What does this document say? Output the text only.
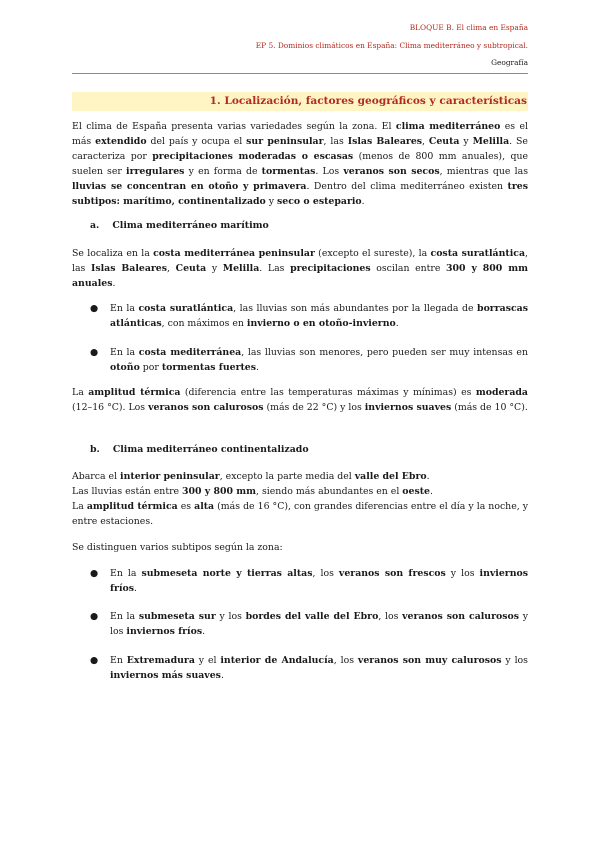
BLOQUE B. El clima en España
EP 5. Dominios climáticos en España: Clima mediterráneo y subtropical.
Geografía
1. Localización, factores geográficos y características
El clima de España presenta varias variedades según la zona. El clima mediterráneo es el más extendido del país y ocupa el sur peninsular, las Islas Baleares, Ceuta y Melilla. Se caracteriza por precipitaciones moderadas o escasas (menos de 800 mm anuales), que suelen ser irregulares y en forma de tormentas. Los veranos son secos, mientras que las lluvias se concentran en otoño y primavera. Dentro del clima mediterráneo existen tres subtipos: marítimo, continentalizado y seco o estepario.
a. Clima mediterráneo marítimo
Se localiza en la costa mediterránea peninsular (excepto el sureste), la costa suratlántica, las Islas Baleares, Ceuta y Melilla. Las precipitaciones oscilan entre 300 y 800 mm anuales.
●	En la costa suratlántica, las lluvias son más abundantes por la llegada de borrascas atlánticas, con máximos en invierno o en otoño-invierno.
●	En la costa mediterránea, las lluvias son menores, pero pueden ser muy intensas en otoño por tormentas fuertes.
La amplitud térmica (diferencia entre las temperaturas máximas y mínimas) es moderada (12–16 °C). Los veranos son calurosos (más de 22 °C) y los inviernos suaves (más de 10 °C).
b. Clima mediterráneo continentalizado
Abarca el interior peninsular, excepto la parte media del valle del Ebro.
Las lluvias están entre 300 y 800 mm, siendo más abundantes en el oeste.
La amplitud térmica es alta (más de 16 °C), con grandes diferencias entre el día y la noche, y entre estaciones.
Se distinguen varios subtipos según la zona:
●	En la submeseta norte y tierras altas, los veranos son frescos y los inviernos fríos.
●	En la submeseta sur y los bordes del valle del Ebro, los veranos son calurosos y los inviernos fríos.
●	En Extremadura y el interior de Andalucía, los veranos son muy calurosos y los inviernos más suaves.
